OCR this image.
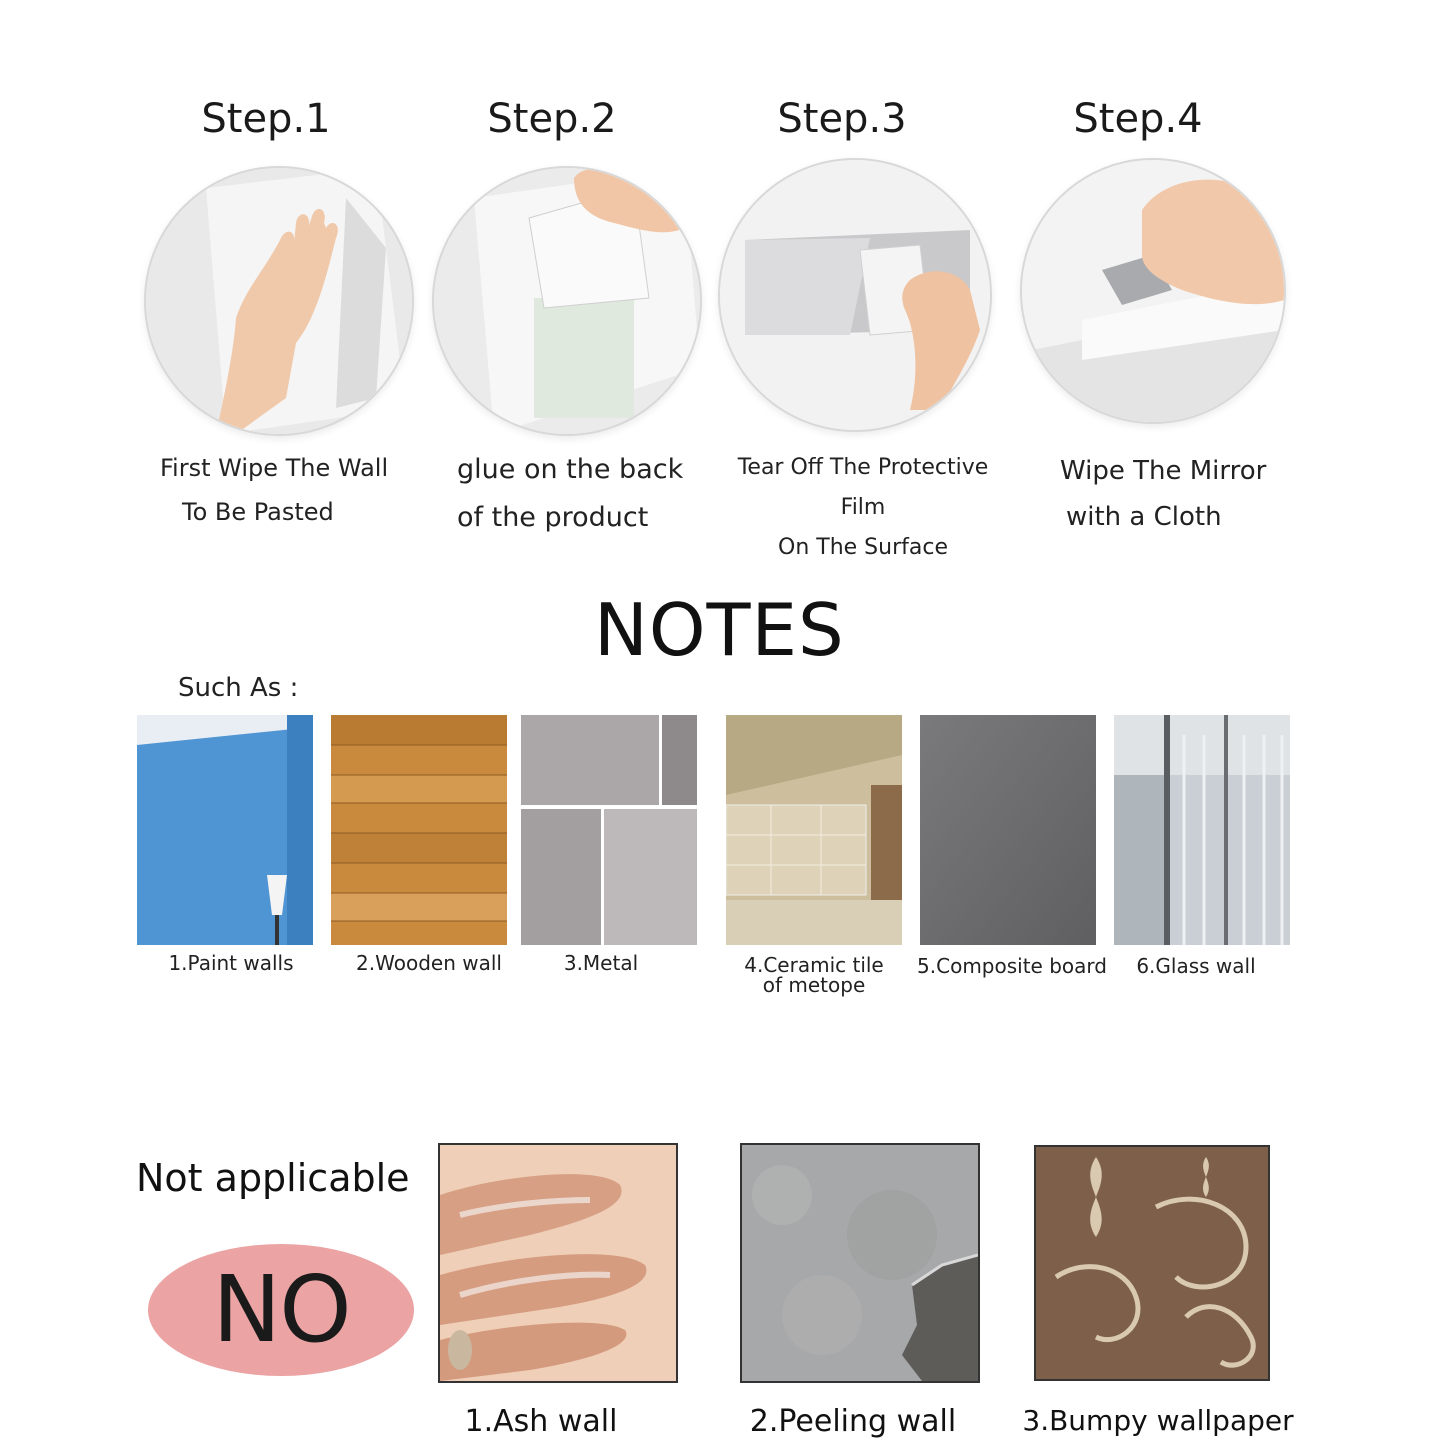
Step.1
First Wipe The Wall
To Be Pasted
Step.2
glue on the back
of the product
Step.3
Tear Off The Protective Film
On The Surface
Step.4
Wipe The Mirror
with a Cloth
NOTES
Such As :
1.Paint walls	2.Wooden wall	3.Metal	4.Ceramic tile
of metope
5.Composite board	6.Glass wall
Not applicable
NO
1.Ash wall	2.Peeling wall	3.Bumpy wallpaper
